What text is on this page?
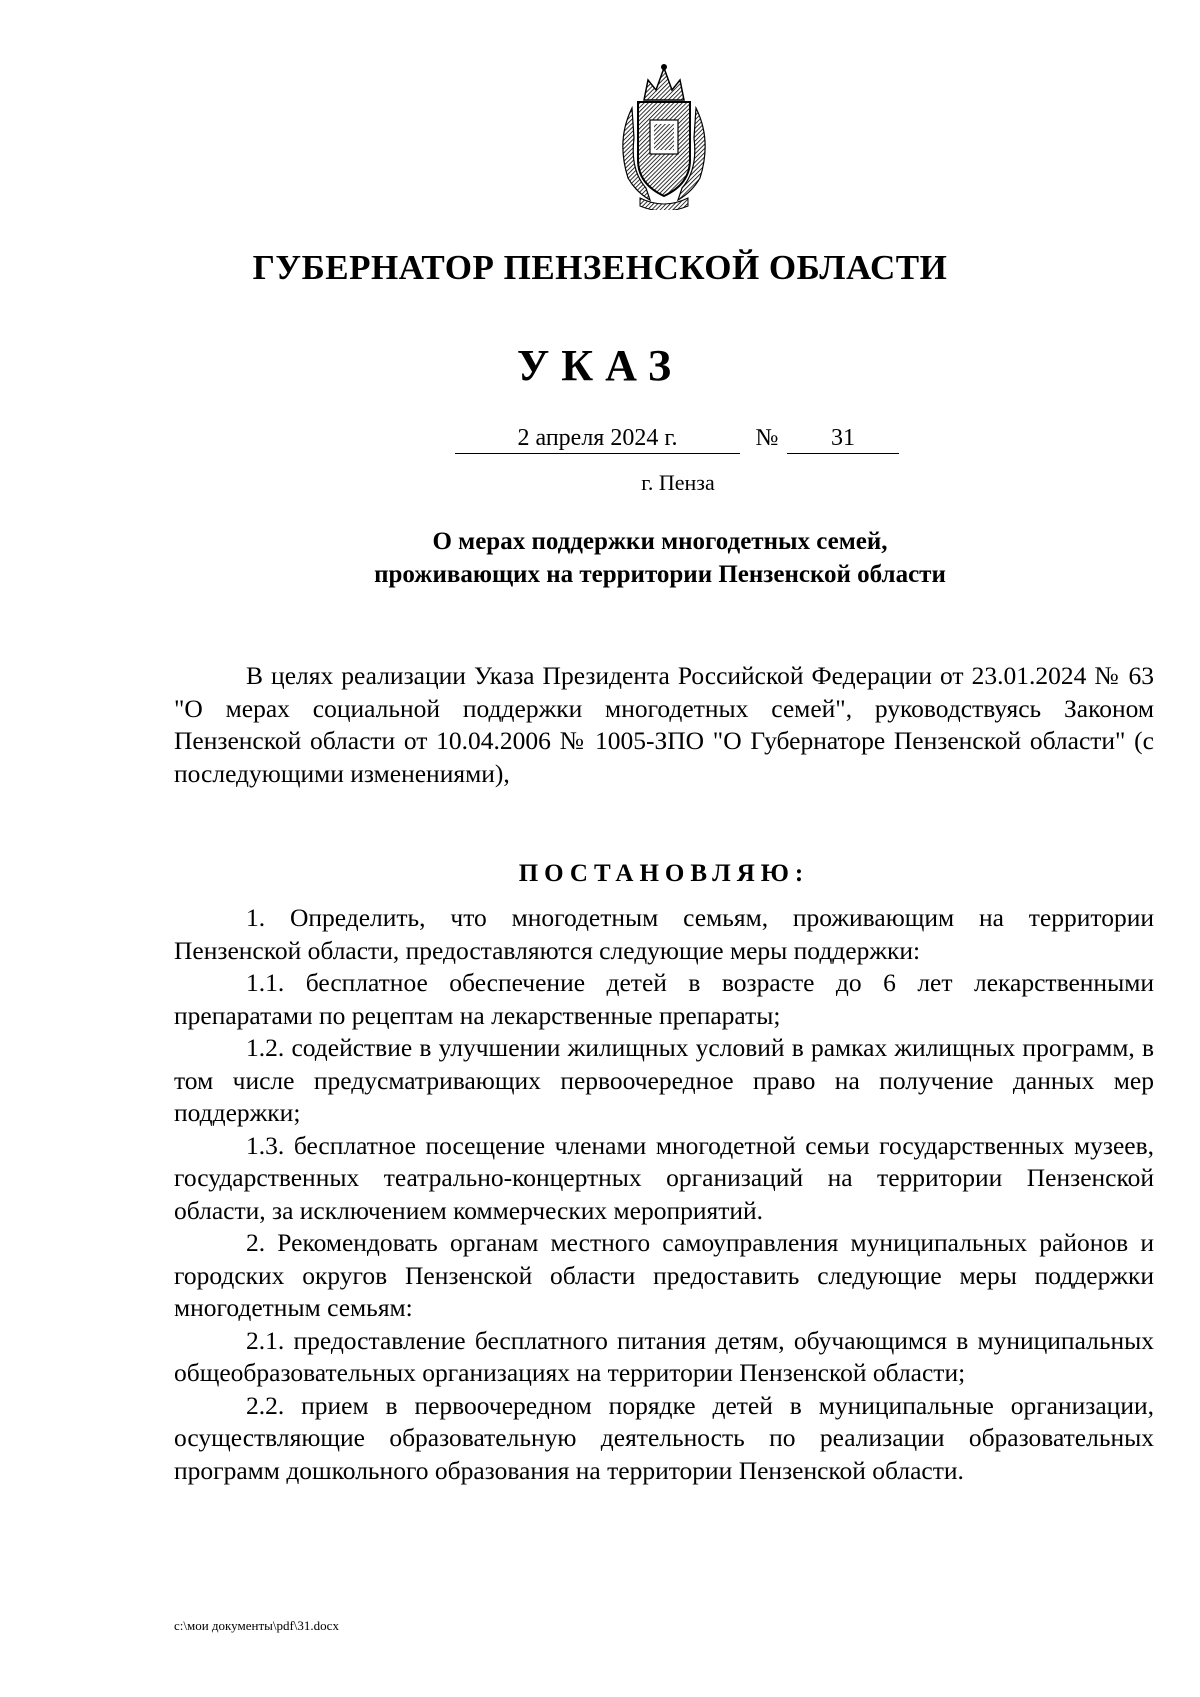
ГУБЕРНАТОР ПЕНЗЕНСКОЙ ОБЛАСТИ
УКАЗ
2 апреля 2024 г.	№	31
г. Пенза
О мерах поддержки многодетных семей,
проживающих на территории Пензенской области

В целях реализации Указа Президента Российской Федерации от 23.01.2024 № 63 "О мерах социальной поддержки многодетных семей", руководствуясь Законом Пензенской области от 10.04.2006 № 1005-ЗПО "О Губернаторе Пензенской области" (с последующими изменениями),

ПОСТАНОВЛЯЮ:

1. Определить, что многодетным семьям, проживающим на территории Пензенской области, предоставляются следующие меры поддержки:

1.1. бесплатное обеспечение детей в возрасте до 6 лет лекарственными препаратами по рецептам на лекарственные препараты;

1.2. содействие в улучшении жилищных условий в рамках жилищных программ, в том числе предусматривающих первоочередное право на получение данных мер поддержки;

1.3. бесплатное посещение членами многодетной семьи государственных музеев, государственных театрально-концертных организаций на территории Пензенской области, за исключением коммерческих мероприятий.

2. Рекомендовать органам местного самоуправления муниципальных районов и городских округов Пензенской области предоставить следующие меры поддержки многодетным семьям:

2.1. предоставление бесплатного питания детям, обучающимся в муниципальных общеобразовательных организациях на территории Пензенской области;

2.2. прием в первоочередном порядке детей в муниципальные организации, осуществляющие образовательную деятельность по реализации образовательных программ дошкольного образования на территории Пензенской области.

c:\мои документы\pdf\31.docx
